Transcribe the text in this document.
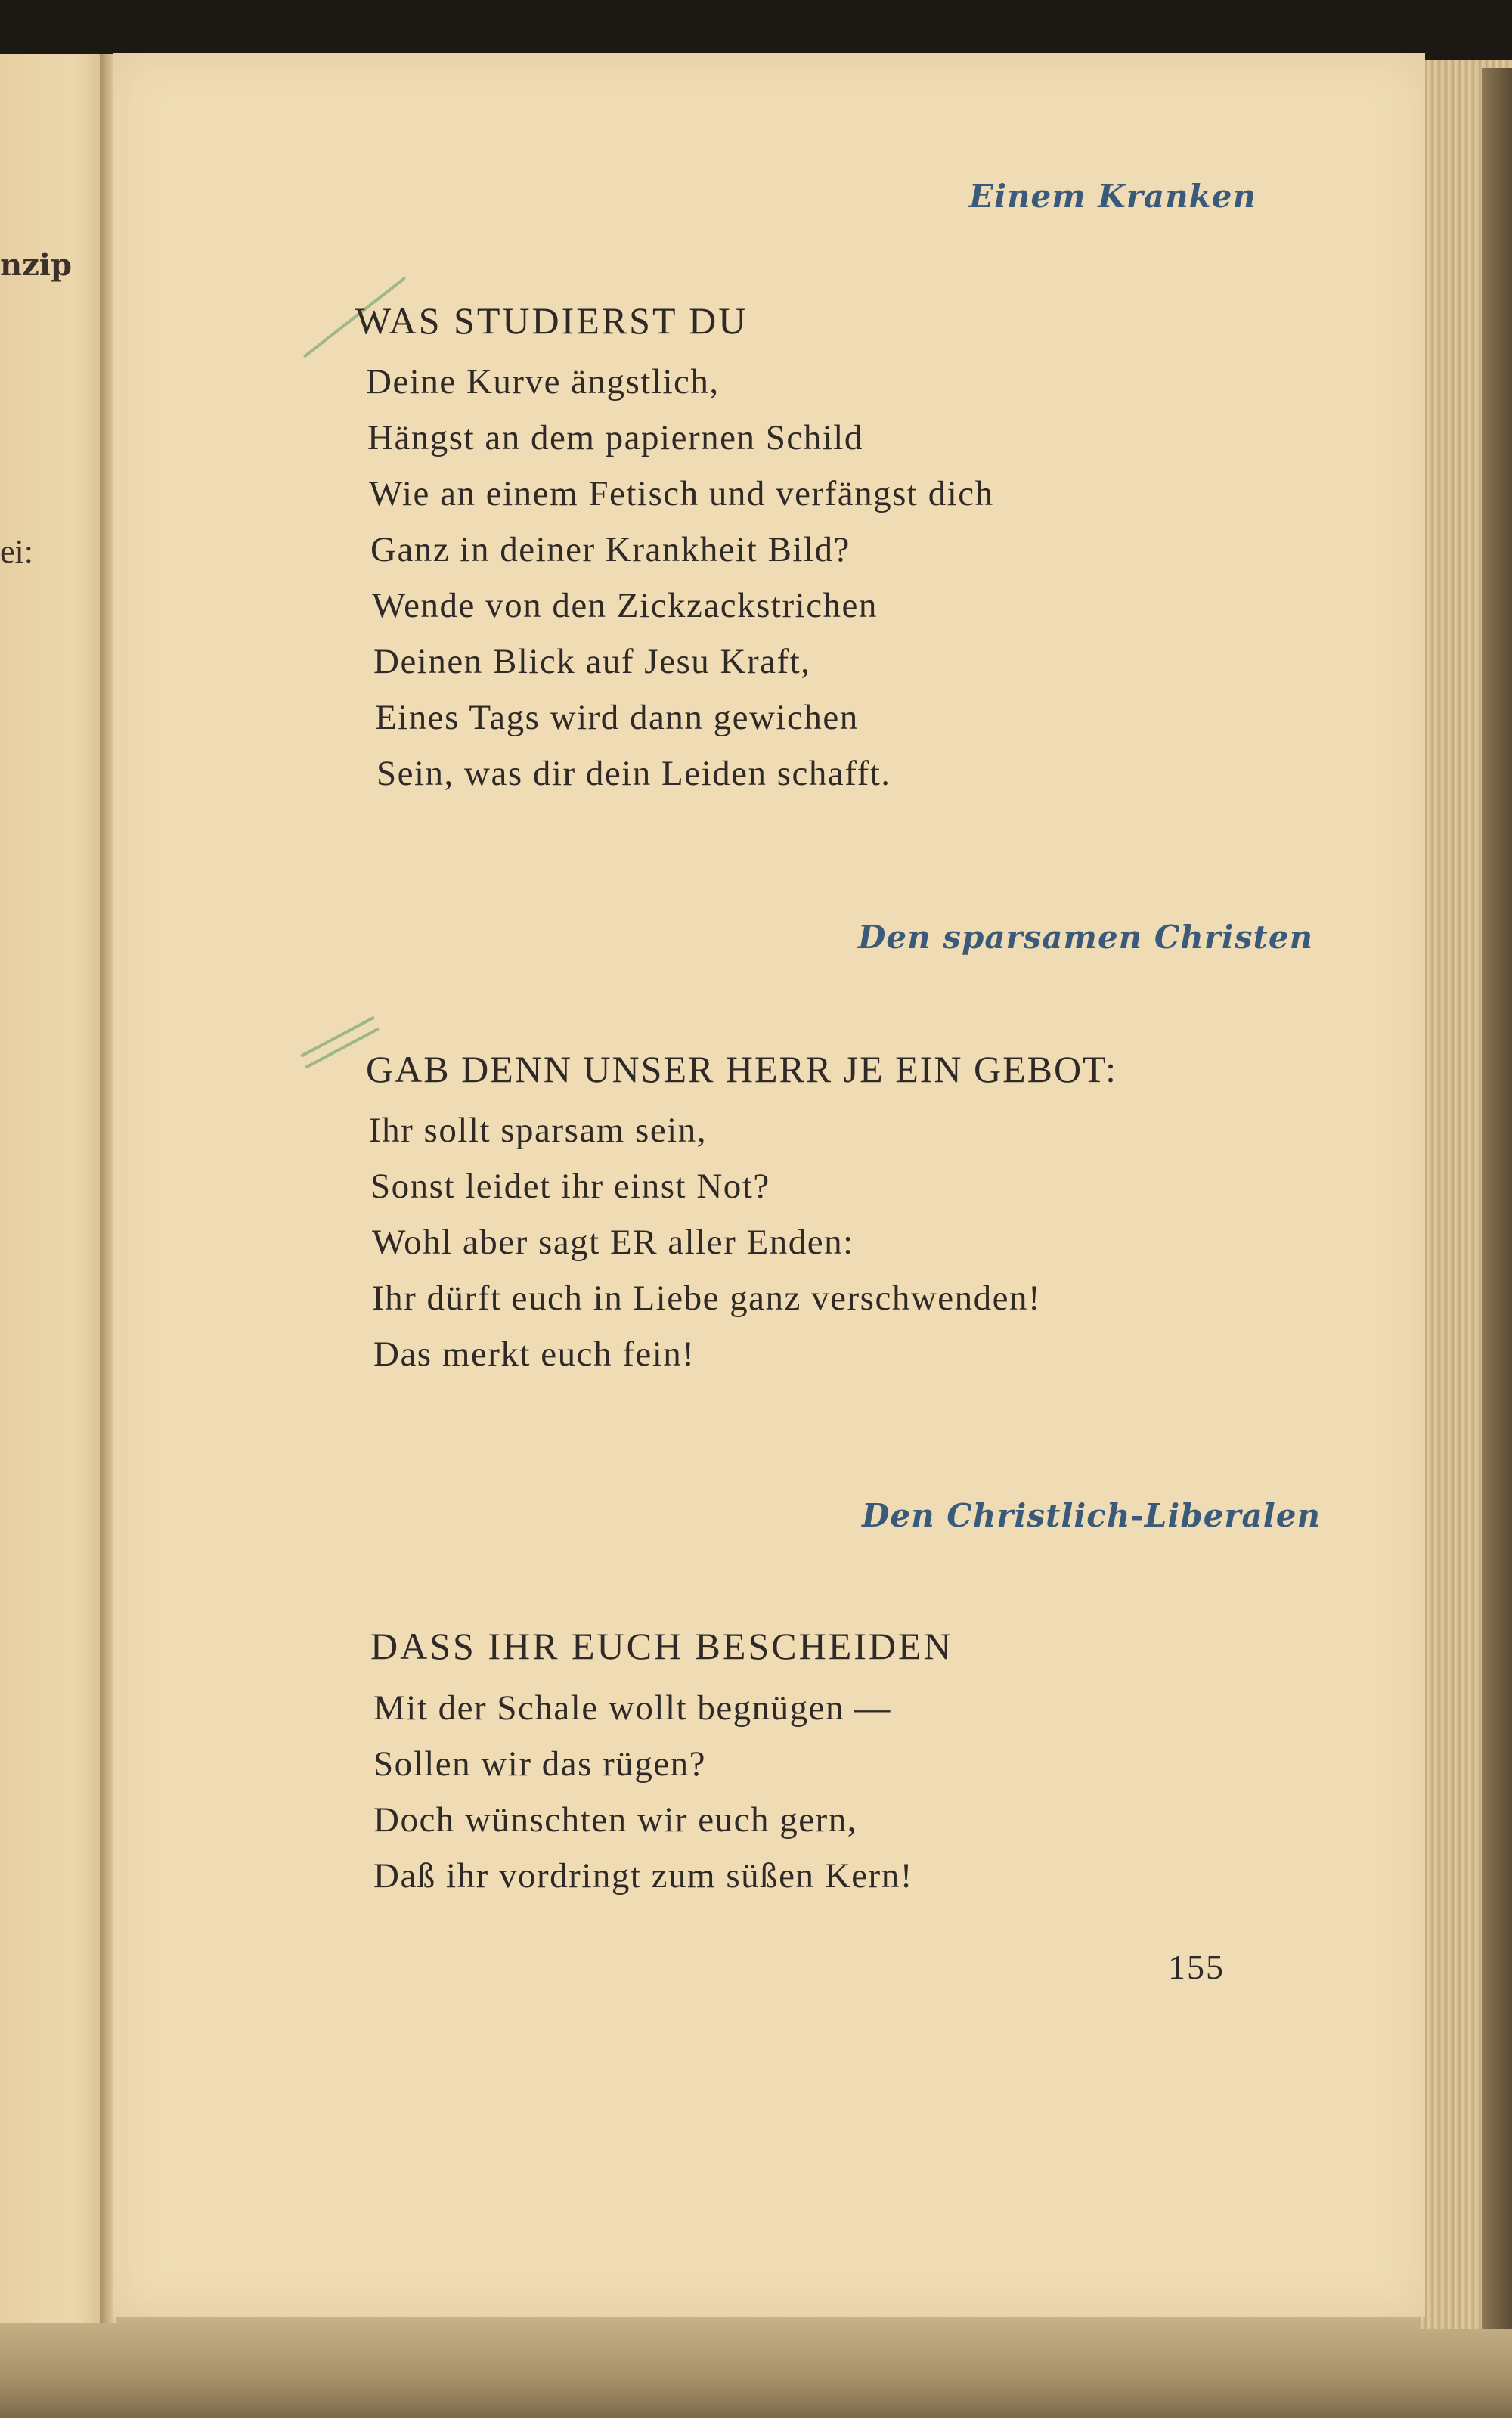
nzip
ei:
Einem Kranken
WAS STUDIERST DU
Deine Kurve ängstlich,
Hängst an dem papiernen Schild
Wie an einem Fetisch und verfängst dich
Ganz in deiner Krankheit Bild?
Wende von den Zickzackstrichen
Deinen Blick auf Jesu Kraft,
Eines Tags wird dann gewichen
Sein, was dir dein Leiden schafft.
Den sparsamen Christen
GAB DENN UNSER HERR JE EIN GEBOT:
Ihr sollt sparsam sein,
Sonst leidet ihr einst Not?
Wohl aber sagt ER aller Enden:
Ihr dürft euch in Liebe ganz verschwenden!
Das merkt euch fein!
Den Christlich-Liberalen
DASS IHR EUCH BESCHEIDEN
Mit der Schale wollt begnügen —
Sollen wir das rügen?
Doch wünschten wir euch gern,
Daß ihr vordringt zum süßen Kern!
155
